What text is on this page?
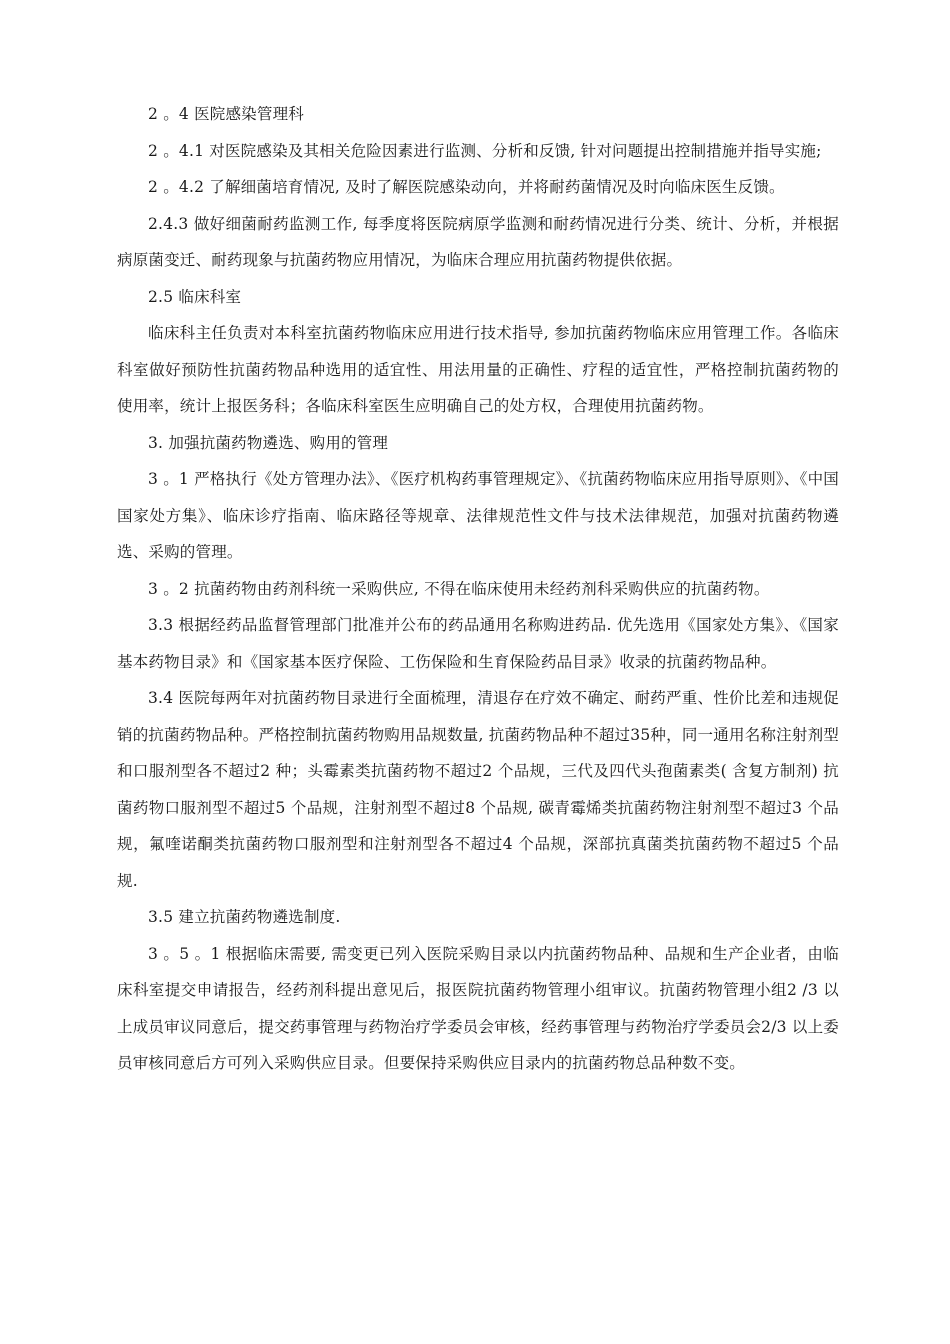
2 。4 医院感染管理科

2 。4.1 对医院感染及其相关危险因素进行监测、分析和反馈, 针对问题提出控制措施并指导实施;

2 。4.2 了解细菌培育情况, 及时了解医院感染动向，并将耐药菌情况及时向临床医生反馈。

2.4.3 做好细菌耐药监测工作, 每季度将医院病原学监测和耐药情况进行分类、统计、分析，并根据病原菌变迁、耐药现象与抗菌药物应用情况，为临床合理应用抗菌药物提供依据。

2.5 临床科室

临床科主任负责对本科室抗菌药物临床应用进行技术指导, 参加抗菌药物临床应用管理工作。各临床科室做好预防性抗菌药物品种选用的适宜性、用法用量的正确性、疗程的适宜性，严格控制抗菌药物的使用率，统计上报医务科；各临床科室医生应明确自己的处方权，合理使用抗菌药物。

3. 加强抗菌药物遴选、购用的管理

3 。1 严格执行《处方管理办法》、《医疗机构药事管理规定》、《抗菌药物临床应用指导原则》、《中国国家处方集》、临床诊疗指南、临床路径等规章、法律规范性文件与技术法律规范，加强对抗菌药物遴选、采购的管理。

3 。2 抗菌药物由药剂科统一采购供应, 不得在临床使用未经药剂科采购供应的抗菌药物。

3.3 根据经药品监督管理部门批准并公布的药品通用名称购进药品. 优先选用《国家处方集》、《国家基本药物目录》和《国家基本医疗保险、工伤保险和生育保险药品目录》收录的抗菌药物品种。

3.4 医院每两年对抗菌药物目录进行全面梳理，清退存在疗效不确定、耐药严重、性价比差和违规促销的抗菌药物品种。严格控制抗菌药物购用品规数量, 抗菌药物品种不超过35种，同一通用名称注射剂型和口服剂型各不超过2 种；头霉素类抗菌药物不超过2 个品规，三代及四代头孢菌素类( 含复方制剂) 抗菌药物口服剂型不超过5 个品规，注射剂型不超过8 个品规, 碳青霉烯类抗菌药物注射剂型不超过3 个品规，氟喹诺酮类抗菌药物口服剂型和注射剂型各不超过4 个品规，深部抗真菌类抗菌药物不超过5 个品规.

3.5 建立抗菌药物遴选制度.

3 。5 。1 根据临床需要, 需变更已列入医院采购目录以内抗菌药物品种、品规和生产企业者，由临床科室提交申请报告，经药剂科提出意见后，报医院抗菌药物管理小组审议。抗菌药物管理小组2 /3 以上成员审议同意后，提交药事管理与药物治疗学委员会审核，经药事管理与药物治疗学委员会2/3 以上委员审核同意后方可列入采购供应目录。但要保持采购供应目录内的抗菌药物总品种数不变。
